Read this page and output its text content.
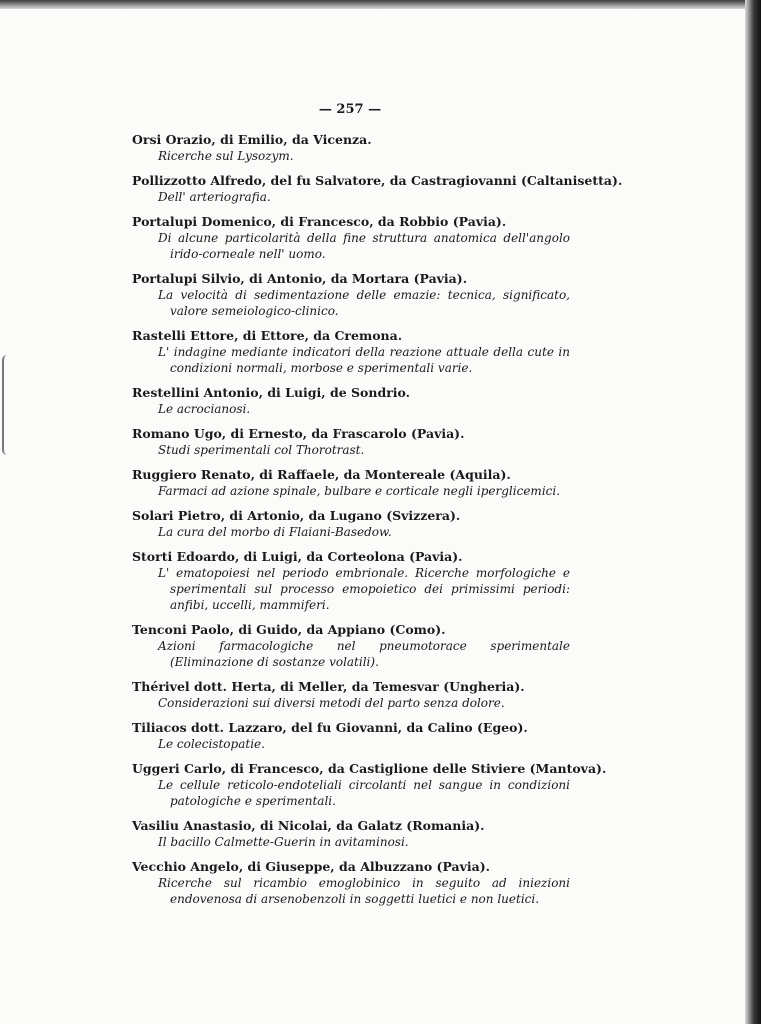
— 257 —
Orsi Orazio, di Emilio, da Vicenza.
Ricerche sul Lysozym.
Pollizzotto Alfredo, del fu Salvatore, da Castragiovanni (Caltanisetta).
Dell' arteriografia.
Portalupi Domenico, di Francesco, da Robbio (Pavia).
Di alcune particolarità della fine struttura anatomica dell'angolo irido-corneale nell' uomo.
Portalupi Silvio, di Antonio, da Mortara (Pavia).
La velocità di sedimentazione delle emazie: tecnica, significato, valore semeiologico-clinico.
Rastelli Ettore, di Ettore, da Cremona.
L' indagine mediante indicatori della reazione attuale della cute in condizioni normali, morbose e sperimentali varie.
Restellini Antonio, di Luigi, de Sondrio.
Le acrocianosi.
Romano Ugo, di Ernesto, da Frascarolo (Pavia).
Studi sperimentali col Thorotrast.
Ruggiero Renato, di Raffaele, da Montereale (Aquila).
Farmaci ad azione spinale, bulbare e corticale negli iperglicemici.
Solari Pietro, di Artonio, da Lugano (Svizzera).
La cura del morbo di Flaiani-Basedow.
Storti Edoardo, di Luigi, da Corteolona (Pavia).
L' ematopoiesi nel periodo embrionale. Ricerche morfologiche e sperimentali sul processo emopoietico dei primissimi periodi: anfibi, uccelli, mammiferi.
Tenconi Paolo, di Guido, da Appiano (Como).
Azioni farmacologiche nel pneumotorace sperimentale (Eliminazione di sostanze volatili).
Thérivel dott. Herta, di Meller, da Temesvar (Ungheria).
Considerazioni sui diversi metodi del parto senza dolore.
Tiliacos dott. Lazzaro, del fu Giovanni, da Calino (Egeo).
Le colecistopatie.
Uggeri Carlo, di Francesco, da Castiglione delle Stiviere (Mantova).
Le cellule reticolo-endoteliali circolanti nel sangue in condizioni patologiche e sperimentali.
Vasiliu Anastasio, di Nicolai, da Galatz (Romania).
Il bacillo Calmette-Guerin in avitaminosi.
Vecchio Angelo, di Giuseppe, da Albuzzano (Pavia).
Ricerche sul ricambio emoglobinico in seguito ad iniezioni endovenosa di arsenobenzoli in soggetti luetici e non luetici.
